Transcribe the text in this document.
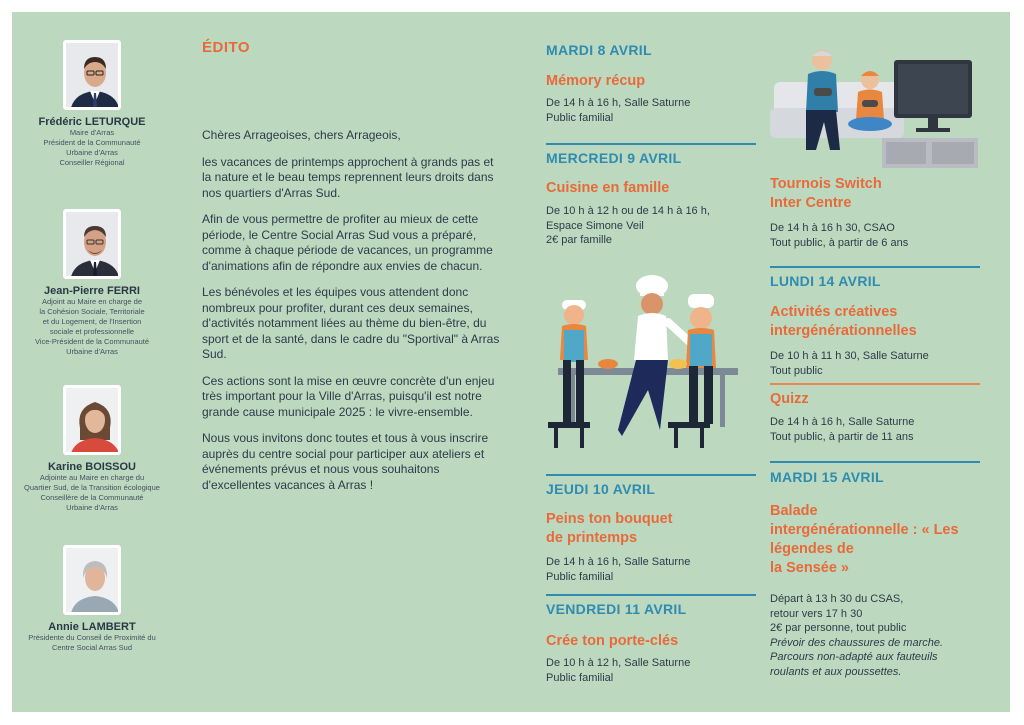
Frédéric LETURQUE
Maire d'Arras
Président de la Communauté
Urbaine d'Arras
Conseiller Régional
Jean-Pierre FERRI
Adjoint au Maire en charge de
la Cohésion Sociale, Territoriale
et du Logement, de l'Insertion
sociale et professionnelle
Vice-Président de la Communauté
Urbaine d'Arras
Karine BOISSOU
Adjointe au Maire en charge du
Quartier Sud, de la Transition écologique
Conseillère de la Communauté
Urbaine d'Arras
Annie LAMBERT
Présidente du Conseil de Proximité du
Centre Social Arras Sud
ÉDITO

Chères Arrageoises, chers Arrageois,

les vacances de printemps approchent à grands pas et la nature et le beau temps reprennent leurs droits dans nos quartiers d'Arras Sud.

Afin de vous permettre de profiter au mieux de cette période, le Centre Social Arras Sud vous a préparé, comme à chaque période de vacances, un programme d'animations afin de répondre aux envies de chacun.

Les bénévoles et les équipes vous attendent donc nombreux pour profiter, durant ces deux semaines, d'activités notamment liées au thème du bien-être, du sport et de la santé, dans le cadre du "Sportival" à Arras Sud.

Ces actions sont la mise en œuvre concrète d'un enjeu très important pour la Ville d'Arras, puisqu'il est notre grande cause municipale 2025 : le vivre-ensemble.

Nous vous invitons donc toutes et tous à vous inscrire auprès du centre social pour participer aux ateliers et événements prévus et nous vous souhaitons d'excellentes vacances à Arras !

MARDI 8 AVRIL
Mémory récup
De 14 h à 16 h, Salle Saturne
Public familial
MERCREDI 9 AVRIL
Cuisine en famille
De 10 h à 12 h ou de 14 h à 16 h,
Espace Simone Veil
2€ par famille
JEUDI 10 AVRIL
Peins ton bouquet
de printemps
De 14 h à 16 h, Salle Saturne
Public familial
VENDREDI 11 AVRIL
Crée ton porte-clés
De 10 h à 12 h, Salle Saturne
Public familial
Tournois Switch
Inter Centre
De 14 h à 16 h 30, CSAO
Tout public, à partir de 6 ans
LUNDI 14 AVRIL
Activités créatives
intergénérationnelles
De 10 h à 11 h 30, Salle Saturne
Tout public
Quizz
De 14 h à 16 h, Salle Saturne
Tout public, à partir de 11 ans
MARDI 15 AVRIL
Balade
intergénérationnelle : « Les
légendes de
la Sensée »
Départ à 13 h 30 du CSAS,
retour vers 17 h 30
2€ par personne, tout public
Prévoir des chaussures de marche.
Parcours non-adapté aux fauteuils
roulants et aux poussettes.
